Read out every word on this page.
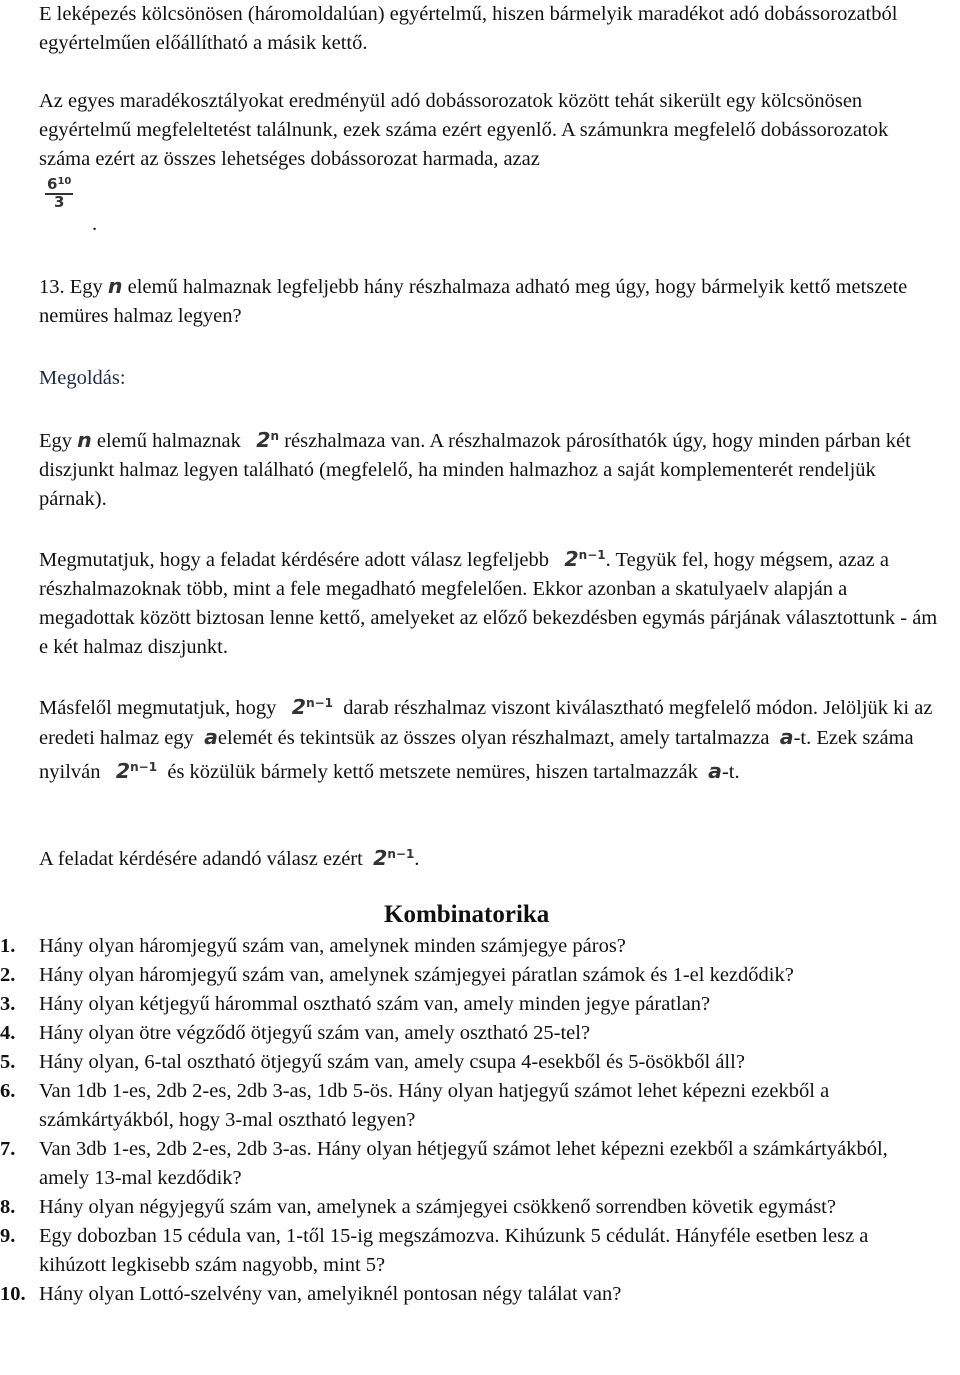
E leképezés kölcsönösen (háromoldalúan) egyértelmű, hiszen bármelyik maradékot adó dobássorozatból egyértelműen előállítható a másik kettő.

Az egyes maradékosztályokat eredményül adó dobássorozatok között tehát sikerült egy kölcsönösen egyértelmű megfeleltetést találnunk, ezek száma ezért egyenlő. A számunkra megfelelő dobássorozatok száma ezért az összes lehetséges dobássorozat harmada, azaz

$\frac{6^{10}}{3}$

.

13. Egy n elemű halmaznak legfeljebb hány részhalmaza adható meg úgy, hogy bármelyik kettő metszete nemüres halmaz legyen?

Megoldás:

Egy n elemű halmaznak 2$^n$ részhalmaza van. A részhalmazok párosíthatók úgy, hogy minden párban két diszjunkt halmaz legyen található (megfelelő, ha minden halmazhoz a saját komplementerét rendeljük párnak).

Megmutatjuk, hogy a feladat kérdésére adott válasz legfeljebb $2^{n-1}$. Tegyük fel, hogy mégsem, azaz a részhalmazoknak több, mint a fele megadható megfelelően. Ekkor azonban a skatulyaelv alapján a megadottak között biztosan lenne kettő, amelyeket az előző bekezdésben egymás párjának választottunk - ám e két halmaz diszjunkt.

Másfelől megmutatjuk, hogy $2^{n-1}$ darab részhalmaz viszont kiválasztható megfelelő módon. Jelöljük ki az eredeti halmaz egy aelemét és tekintsük az összes olyan részhalmazt, amely tartalmazza a-t. Ezek száma nyilván $2^{n-1}$ és közülük bármely kettő metszete nemüres, hiszen tartalmazzák a-t.

A feladat kérdésére adandó válasz ezért $2^{n-1}$.

Kombinatorika
1.	Hány olyan háromjegyű szám van, amelynek minden számjegye páros?
2.	Hány olyan háromjegyű szám van, amelynek számjegyei páratlan számok és 1-el kezdődik?
3.	Hány olyan kétjegyű hárommal osztható szám van, amely minden jegye páratlan?
4.	Hány olyan ötre végződő ötjegyű szám van, amely osztható 25-tel?
5.	Hány olyan, 6-tal osztható ötjegyű szám van, amely csupa 4-esekből és 5-ösökből áll?
6.	Van 1db 1-es, 2db 2-es, 2db 3-as, 1db 5-ös. Hány olyan hatjegyű számot lehet képezni ezekből a számkártyákból, hogy 3-mal osztható legyen?
7.	Van 3db 1-es, 2db 2-es, 2db 3-as. Hány olyan hétjegyű számot lehet képezni ezekből a számkártyákból, amely 13-mal kezdődik?
8.	Hány olyan négyjegyű szám van, amelynek a számjegyei csökkenő sorrendben követik egymást?
9.	Egy dobozban 15 cédula van, 1-től 15-ig megszámozva. Kihúzunk 5 cédulát. Hányféle esetben lesz a kihúzott legkisebb szám nagyobb, mint 5?
10. Hány olyan Lottó-szelvény van, amelyiknél pontosan négy találat van?
